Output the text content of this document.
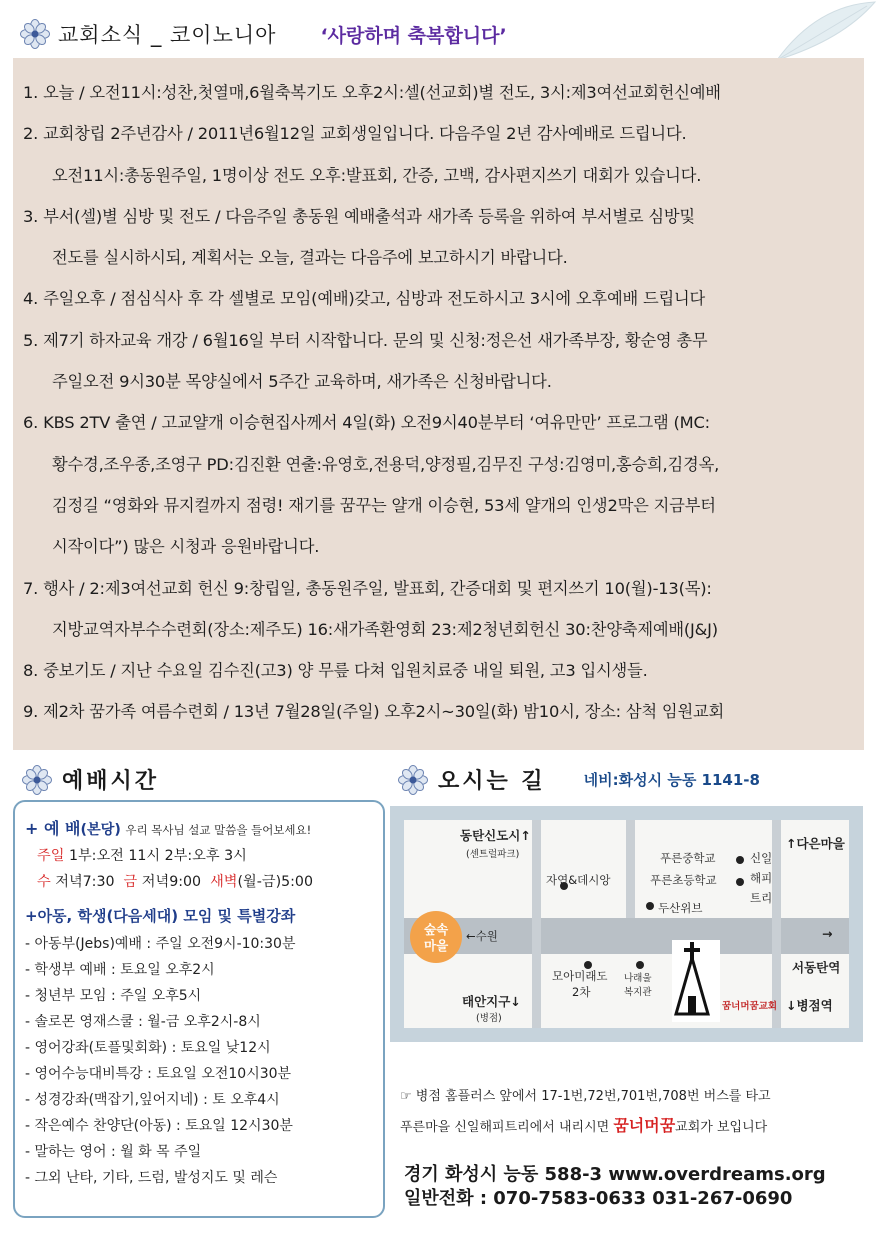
교회소식 _ 코이노니아 ‘사랑하며 축복합니다’
1. 오늘 / 오전11시:성찬,첫열매,6월축복기도 오후2시:셀(선교회)별 전도, 3시:제3여선교회헌신예배
2. 교회창립 2주년감사 / 2011년6월12일 교회생일입니다. 다음주일 2년 감사예배로 드립니다.
오전11시:총동원주일, 1명이상 전도 오후:발표회, 간증, 고백, 감사편지쓰기 대회가 있습니다.
3. 부서(셀)별 심방 및 전도 / 다음주일 총동원 예배출석과 새가족 등록을 위하여 부서별로 심방및
전도를 실시하시되, 계획서는 오늘, 결과는 다음주에 보고하시기 바랍니다.
4. 주일오후 / 점심식사 후 각 셀별로 모임(예배)갖고, 심방과 전도하시고 3시에 오후예배 드립니다
5. 제7기 하자교육 개강 / 6월16일 부터 시작합니다. 문의 및 신청:정은선 새가족부장, 황순영 총무
주일오전 9시30분 목양실에서 5주간 교육하며, 새가족은 신청바랍니다.
6. KBS 2TV 출연 / 고교얄개 이승현집사께서 4일(화) 오전9시40분부터 ‘여유만만’ 프로그램 (MC:
황수경,조우종,조영구 PD:김진환 연출:유영호,전용덕,양정필,김무진 구성:김영미,홍승희,김경옥,
김정길 “영화와 뮤지컬까지 점령! 재기를 꿈꾸는 얄개 이승현, 53세 얄개의 인생2막은 지금부터
시작이다”) 많은 시청과 응원바랍니다.
7. 행사 / 2:제3여선교회 헌신 9:창립일, 총동원주일, 발표회, 간증대회 및 편지쓰기 10(월)-13(목):
지방교역자부수수련회(장소:제주도) 16:새가족환영회 23:제2청년회헌신 30:찬양축제예배(J&J)
8. 중보기도 / 지난 수요일 김수진(고3) 양 무릎 다쳐 입원치료중 내일 퇴원, 고3 입시생들.
9. 제2차 꿈가족 여름수련회 / 13년 7월28일(주일) 오후2시~30일(화) 밤10시, 장소: 삼척 임원교회
예배시간
+ 예 배(본당) 우리 목사님 설교 말씀을 들어보세요!
주일 1부:오전 11시 2부:오후 3시
수 저녁7:30 금 저녁9:00 새벽(월-금)5:00
+아동, 학생(다음세대) 모임 및 특별강좌
- 아동부(Jebs)예배 : 주일 오전9시-10:30분
- 학생부 예배 : 토요일 오후2시
- 청년부 모임 : 주일 오후5시
- 솔로몬 영재스쿨 : 월-금 오후2시-8시
- 영어강좌(토플및회화) : 토요일 낮12시
- 영어수능대비특강 : 토요일 오전10시30분
- 성경강좌(맥잡기,잎어지네) : 토 오후4시
- 작은예수 찬양단(아동) : 토요일 12시30분
- 말하는 영어 : 월 화 목 주일
- 그외 난타, 기타, 드럼, 발성지도 및 레슨
오시는 길	네비:화성시 능동 1141-8
동탄신도시↑
(센트럴파크)
자연&데시앙
푸른중학교
푸른초등학교
두산위브
신일
해피
트리
↑다은마을
숲속
마을
←수원	→
서동탄역
모아미래도
2차
나래울
복지관
꿈너머꿈교회
태안지구↓
(병점)
↓병점역
☞ 병점 홈플러스 앞에서 17-1번,72번,701번,708번 버스를 타고
푸른마을 신일해피트리에서 내리시면 꿈너머꿈교회가 보입니다
경기 화성시 능동 588-3 www.overdreams.org
일반전화 : 070-7583-0633 031-267-0690
